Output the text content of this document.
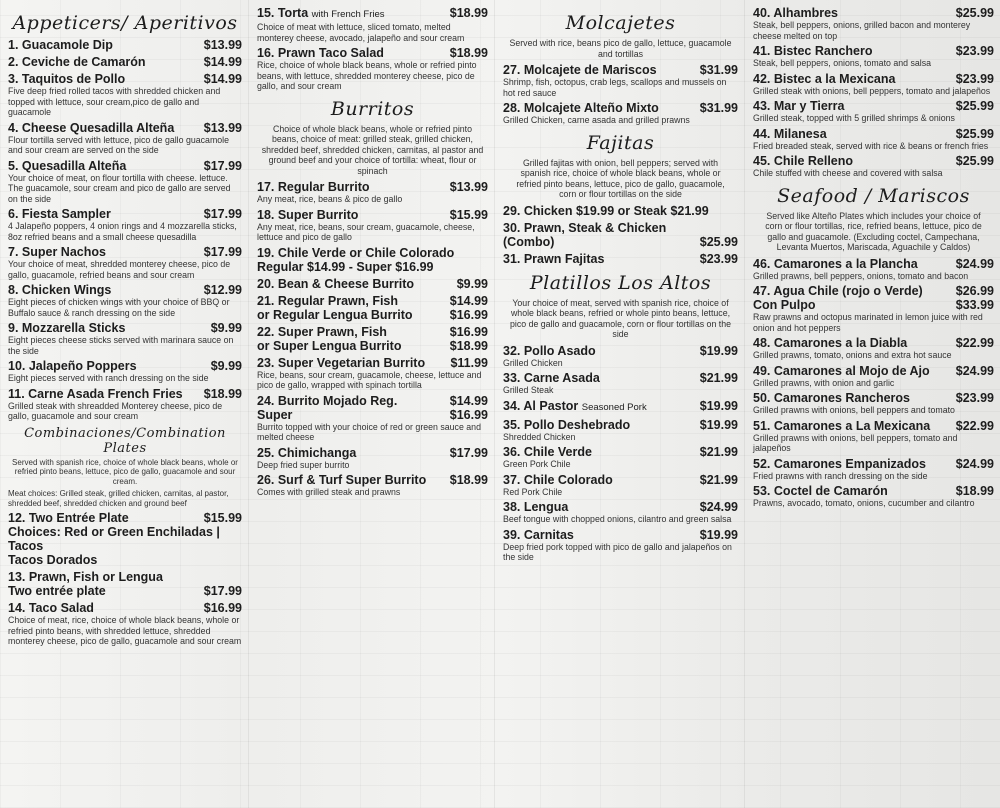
Appeticers/ Aperitivos
1. Guacamole Dip	$13.99
2. Ceviche de Camarón	$14.99
3. Taquitos de Pollo	$14.99
Five deep fried rolled tacos with shredded chicken and topped with lettuce, sour cream,pico de gallo and guacamole
4. Cheese Quesadilla Alteña $13.99
Flour tortilla served with lettuce, pico de gallo guacamole and sour cream are served on the side
5. Quesadilla Alteña	$17.99
Your choice of meat, on flour tortilla with cheese. lettuce. The guacamole, sour cream and pico de gallo are served on the side
6. Fiesta Sampler	$17.99
4 Jalapeño poppers, 4 onion rings and 4 mozzarella sticks, 8oz refried beans and a small cheese quesadilla
7. Super Nachos	$17.99
Your choice of meat, shredded monterey cheese, pico de gallo, guacamole, refried beans and sour cream
8. Chicken Wings	$12.99
Eight pieces of chicken wings with your choice of BBQ or Buffalo sauce & ranch dressing on the side
9. Mozzarella Sticks	$9.99
Eight pieces cheese sticks served with marinara sauce on the side
10. Jalapeño Poppers	$9.99
Eight pieces served with ranch dressing on the side
11. Carne Asada French Fries $18.99
Grilled steak with shreadded Monterey cheese, pico de gallo, guacamole and sour cream
Combinaciones/Combination Plates
Served with spanish rice, choice of whole black beans, whole or refried pinto beans, lettuce, pico de gallo, guacamole and sour cream.
Meat choices: Grilled steak, grilled chicken, carnitas, al pastor, shredded beef, shredded chicken and ground beef
12. Two Entrée Plate	$15.99
Choices: Red or Green Enchiladas | Tacos
Tacos Dorados
13. Prawn, Fish or Lengua
Two entrée plate	$17.99
14. Taco Salad	$16.99
Choice of meat, rice, choice of whole black beans, whole or refried pinto beans, with shredded lettuce, shredded monterey cheese, pico de gallo, guacamole and sour cream
15. Torta with French Fries	$18.99
Choice of meat with lettuce, sliced tomato, melted monterey cheese, avocado, jalapeño and sour cream
16. Prawn Taco Salad	$18.99
Rice, choice of whole black beans, whole or refried pinto beans, with lettuce, shredded monterey cheese, pico de gallo, and sour cream
Burritos
Choice of whole black beans, whole or refried pinto beans, choice of meat: grilled steak, grilled chicken, shredded beef, shredded chicken, carnitas, al pastor and ground beef and your choice of tortilla: wheat, flour or spinach
17. Regular Burrito	$13.99
Any meat, rice, beans & pico de gallo
18. Super Burrito	$15.99
Any meat, rice, beans, sour cream, guacamole, cheese, lettuce and pico de gallo
19. Chile Verde or Chile Colorado
Regular $14.99 - Super $16.99
20. Bean & Cheese Burrito	$9.99
21. Regular Prawn, Fish	$14.99
or Regular Lengua Burrito	$16.99
22. Super Prawn, Fish	$16.99
or Super Lengua Burrito	$18.99
23. Super Vegetarian Burrito $11.99
Rice, beans, sour cream, guacamole, cheese, lettuce and pico de gallo, wrapped with spinach tortilla
24. Burrito Mojado Reg.	$14.99
Super	$16.99
Burrito topped with your choice of red or green sauce and melted cheese
25. Chimichanga	$17.99
Deep fried super burrito
26. Surf & Turf Super Burrito $18.99
Comes with grilled steak and prawns
Molcajetes
Served with rice, beans pico de gallo, lettuce, guacamole and tortillas
27. Molcajete de Mariscos	$31.99
Shrimp, fish, octopus, crab legs, scallops and mussels on hot red sauce
28. Molcajete Alteño Mixto	$31.99
Grilled Chicken, carne asada and grilled prawns
Fajitas
Grilled fajitas with onion, bell peppers; served with spanish rice, choice of whole black beans, whole or refried pinto beans, lettuce, pico de gallo, guacamole, corn or flour tortillas on the side
29. Chicken $19.99 or Steak $21.99
30. Prawn, Steak & Chicken
(Combo)	$25.99
31. Prawn Fajitas	$23.99
Platillos Los Altos
Your choice of meat, served with spanish rice, choice of whole black beans, refried or whole pinto beans, lettuce, pico de gallo and guacamole, corn or flour tortillas on the side
32. Pollo Asado	$19.99
Grilled Chicken
33. Carne Asada	$21.99
Grilled Steak
34. Al Pastor Seasoned Pork	$19.99
35. Pollo Deshebrado	$19.99
Shredded Chicken
36. Chile Verde	$21.99
Green Pork Chile
37. Chile Colorado	$21.99
Red Pork Chile
38. Lengua	$24.99
Beef tongue with chopped onions, cilantro and green salsa
39. Carnitas	$19.99
Deep fried pork topped with pico de gallo and jalapeños on the side
40. Alhambres	$25.99
Steak, bell peppers, onions, grilled bacon and monterey cheese melted on top
41. Bistec Ranchero	$23.99
Steak, bell peppers, onions, tomato and salsa
42. Bistec a la Mexicana	$23.99
Grilled steak with onions, bell peppers, tomato and jalapeños
43. Mar y Tierra	$25.99
Grilled steak, topped with 5 grilled shrimps & onions
44. Milanesa	$25.99
Fried breaded steak, served with rice & beans or french fries
45. Chile Relleno	$25.99
Chile stuffed with cheese and covered with salsa
Seafood / Mariscos
Served like Alteño Plates which includes your choice of corn or flour tortillas, rice, refried beans, lettuce, pico de gallo and guacamole. (Excluding coctel, Campechana, Levanta Muertos, Mariscada, Aguachile y Caldos)
46. Camarones a la Plancha	$24.99
Grilled prawns, bell peppers, onions, tomato and bacon
47. Agua Chile (rojo o Verde)	$26.99
Con Pulpo	$33.99
Raw prawns and octopus marinated in lemon juice with red onion and hot peppers
48. Camarones a la Diabla	$22.99
Grilled prawns, tomato, onions and extra hot sauce
49. Camarones al Mojo de Ajo $24.99
Grilled prawns, with onion and garlic
50. Camarones Rancheros	$23.99
Grilled prawns with onions, bell peppers and tomato
51. Camarones a La Mexicana $22.99
Grilled prawns with onions, bell peppers, tomato and jalapeños
52. Camarones Empanizados $24.99
Fried prawns with ranch dressing on the side
53. Coctel de Camarón	$18.99
Prawns, avocado, tomato, onions, cucumber and cilantro
